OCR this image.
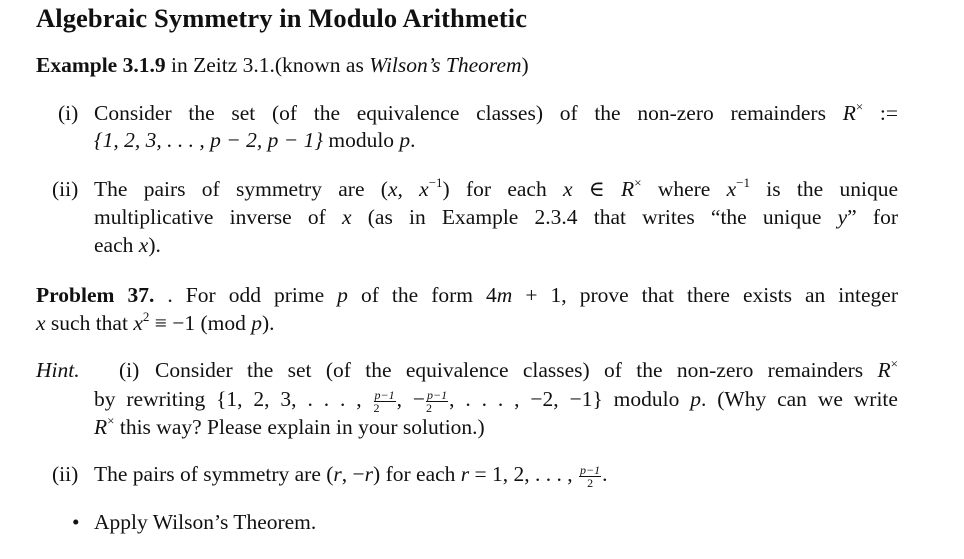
Algebraic Symmetry in Modulo Arithmetic
Example 3.1.9 in Zeitz 3.1.(known as Wilson’s Theorem)
(i) Consider the set (of the equivalence classes) of the non-zero remainders R× :=
{1, 2, 3, . . . , p − 2, p − 1} modulo p.
(ii) The pairs of symmetry are (x, $x^{-1}$) for each x ∈ R× where $x^{-1}$ is the unique
multiplicative inverse of x (as in Example 2.3.4 that writes “the unique y” for
each x).
Problem 37. . For odd prime p of the form 4m + 1, prove that there exists an integer
x such that $x^2 \equiv -1$ (mod p).
Hint. (i) Consider the set (of the equivalence classes) of the non-zero remainders R×
by rewriting {1, 2, 3, . . . , $\frac{p-1}{2}$ , − $\frac{p-1}{2}$ , . . . , −2, −1} modulo p. (Why can we write
R× this way? Please explain in your solution.)
(ii) The pairs of symmetry are (r, −r) for each r = 1, 2, . . . , $\frac{p-1}{2}$ .
• Apply Wilson’s Theorem.
